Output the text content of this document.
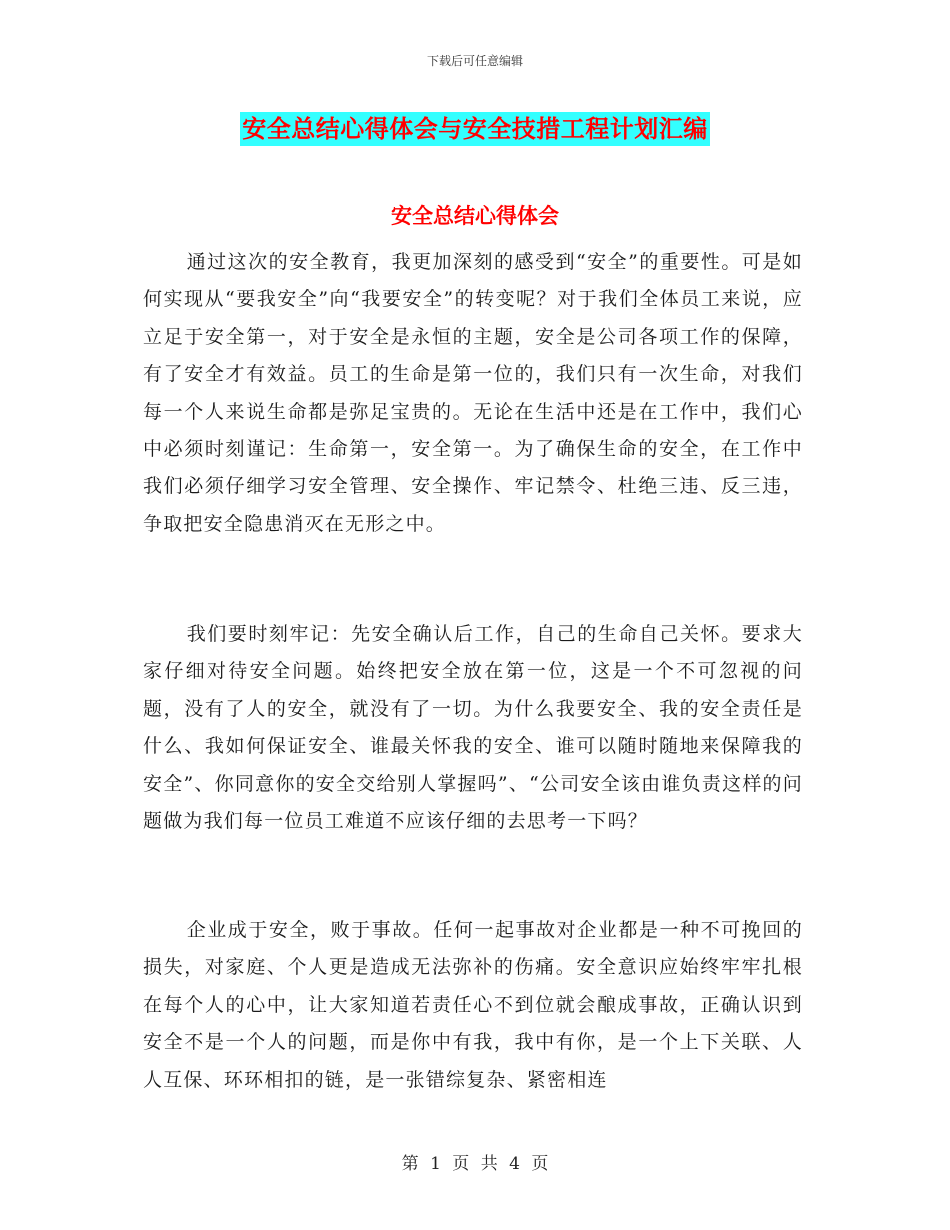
下载后可任意编辑
安全总结心得体会与安全技措工程计划汇编
安全总结心得体会

通过这次的安全教育，我更加深刻的感受到“安全”的重要性。可是如何实现从“要我安全”向“我要安全”的转变呢？对于我们全体员工来说，应立足于安全第一，对于安全是永恒的主题，安全是公司各项工作的保障，有了安全才有效益。员工的生命是第一位的，我们只有一次生命，对我们每一个人来说生命都是弥足宝贵的。无论在生活中还是在工作中，我们心中必须时刻谨记：生命第一，安全第一。为了确保生命的安全，在工作中我们必须仔细学习安全管理、安全操作、牢记禁令、杜绝三违、反三违，争取把安全隐患消灭在无形之中。

我们要时刻牢记：先安全确认后工作，自己的生命自己关怀。要求大家仔细对待安全问题。始终把安全放在第一位，这是一个不可忽视的问题，没有了人的安全，就没有了一切。为什么我要安全、我的安全责任是什么、我如何保证安全、谁最关怀我的安全、谁可以随时随地来保障我的安全”、你同意你的安全交给别人掌握吗”、“公司安全该由谁负责这样的问题做为我们每一位员工难道不应该仔细的去思考一下吗？

企业成于安全，败于事故。任何一起事故对企业都是一种不可挽回的损失，对家庭、个人更是造成无法弥补的伤痛。安全意识应始终牢牢扎根在每个人的心中，让大家知道若责任心不到位就会酿成事故，正确认识到安全不是一个人的问题，而是你中有我，我中有你，是一个上下关联、人人互保、环环相扣的链，是一张错综复杂、紧密相连

第 1 页 共 4 页
